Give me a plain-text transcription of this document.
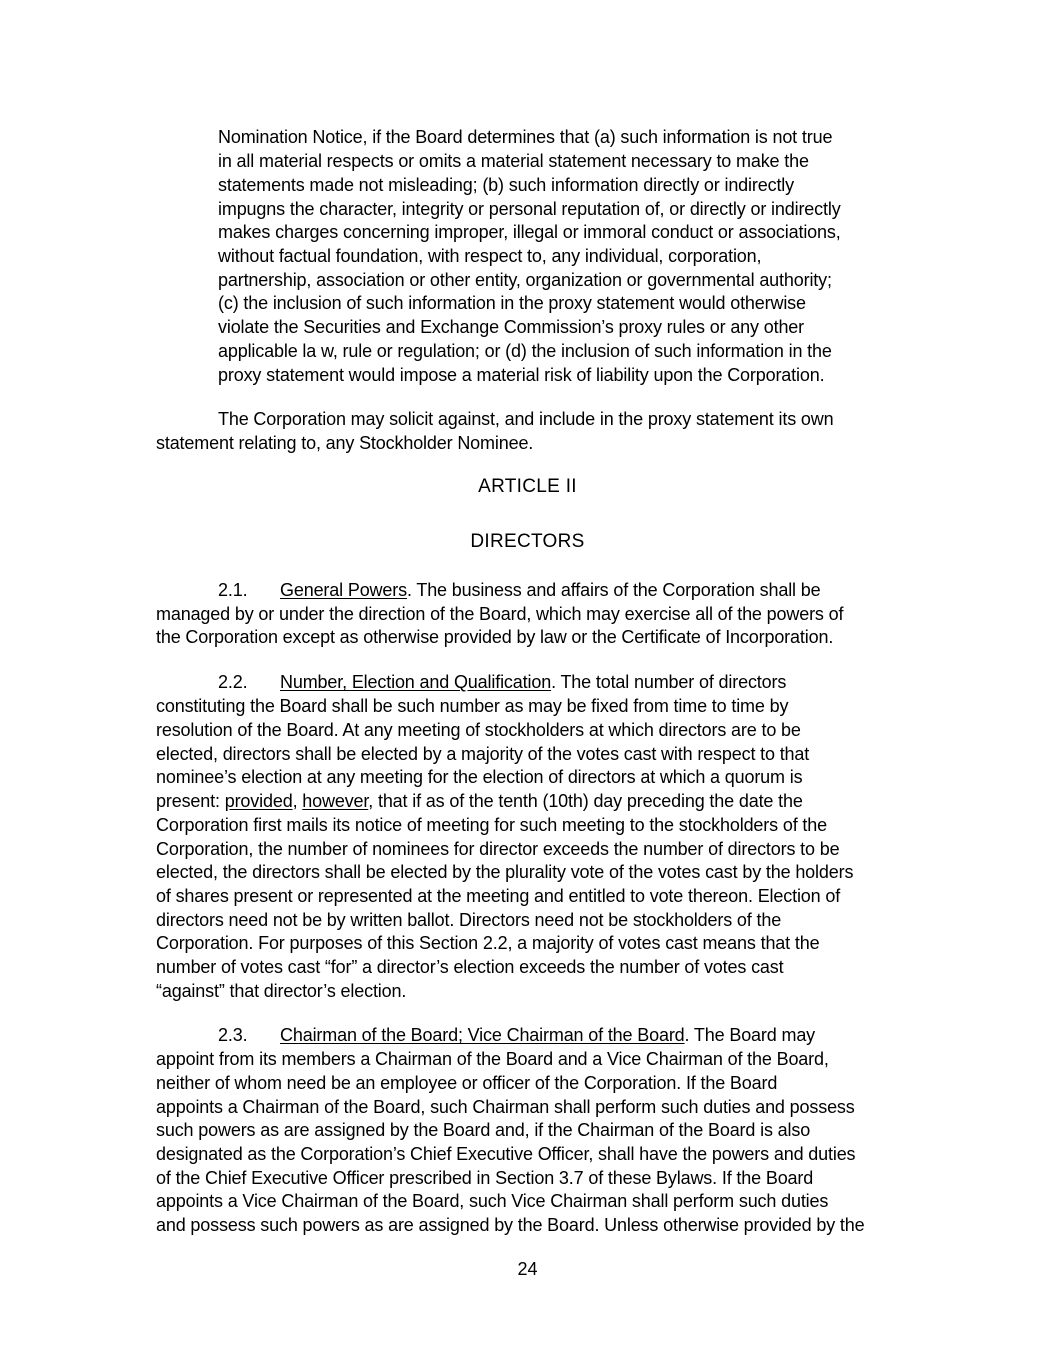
Nomination Notice, if the Board determines that (a) such information is not true
in all material respects or omits a material statement necessary to make the
statements made not misleading; (b) such information directly or indirectly
impugns the character, integrity or personal reputation of, or directly or indirectly
makes charges concerning improper, illegal or immoral conduct or associations,
without factual foundation, with respect to, any individual, corporation,
partnership, association or other entity, organization or governmental authority;
(c) the inclusion of such information in the proxy statement would otherwise
violate the Securities and Exchange Commission’s proxy rules or any other
applicable la w, rule or regulation; or (d) the inclusion of such information in the
proxy statement would impose a material risk of liability upon the Corporation.
The Corporation may solicit against, and include in the proxy statement its own
statement relating to, any Stockholder Nominee.
ARTICLE II
DIRECTORS
2.1. General Powers. The business and affairs of the Corporation shall be
managed by or under the direction of the Board, which may exercise all of the powers of
the Corporation except as otherwise provided by law or the Certificate of Incorporation.
2.2. Number, Election and Qualification. The total number of directors
constituting the Board shall be such number as may be fixed from time to time by
resolution of the Board. At any meeting of stockholders at which directors are to be
elected, directors shall be elected by a majority of the votes cast with respect to that
nominee’s election at any meeting for the election of directors at which a quorum is
present: provided, however, that if as of the tenth (10th) day preceding the date the
Corporation first mails its notice of meeting for such meeting to the stockholders of the
Corporation, the number of nominees for director exceeds the number of directors to be
elected, the directors shall be elected by the plurality vote of the votes cast by the holders
of shares present or represented at the meeting and entitled to vote thereon. Election of
directors need not be by written ballot. Directors need not be stockholders of the
Corporation. For purposes of this Section 2.2, a majority of votes cast means that the
number of votes cast “for” a director’s election exceeds the number of votes cast
“against” that director’s election.
2.3. Chairman of the Board; Vice Chairman of the Board. The Board may
appoint from its members a Chairman of the Board and a Vice Chairman of the Board,
neither of whom need be an employee or officer of the Corporation. If the Board
appoints a Chairman of the Board, such Chairman shall perform such duties and possess
such powers as are assigned by the Board and, if the Chairman of the Board is also
designated as the Corporation’s Chief Executive Officer, shall have the powers and duties
of the Chief Executive Officer prescribed in Section 3.7 of these Bylaws. If the Board
appoints a Vice Chairman of the Board, such Vice Chairman shall perform such duties
and possess such powers as are assigned by the Board. Unless otherwise provided by the
24
